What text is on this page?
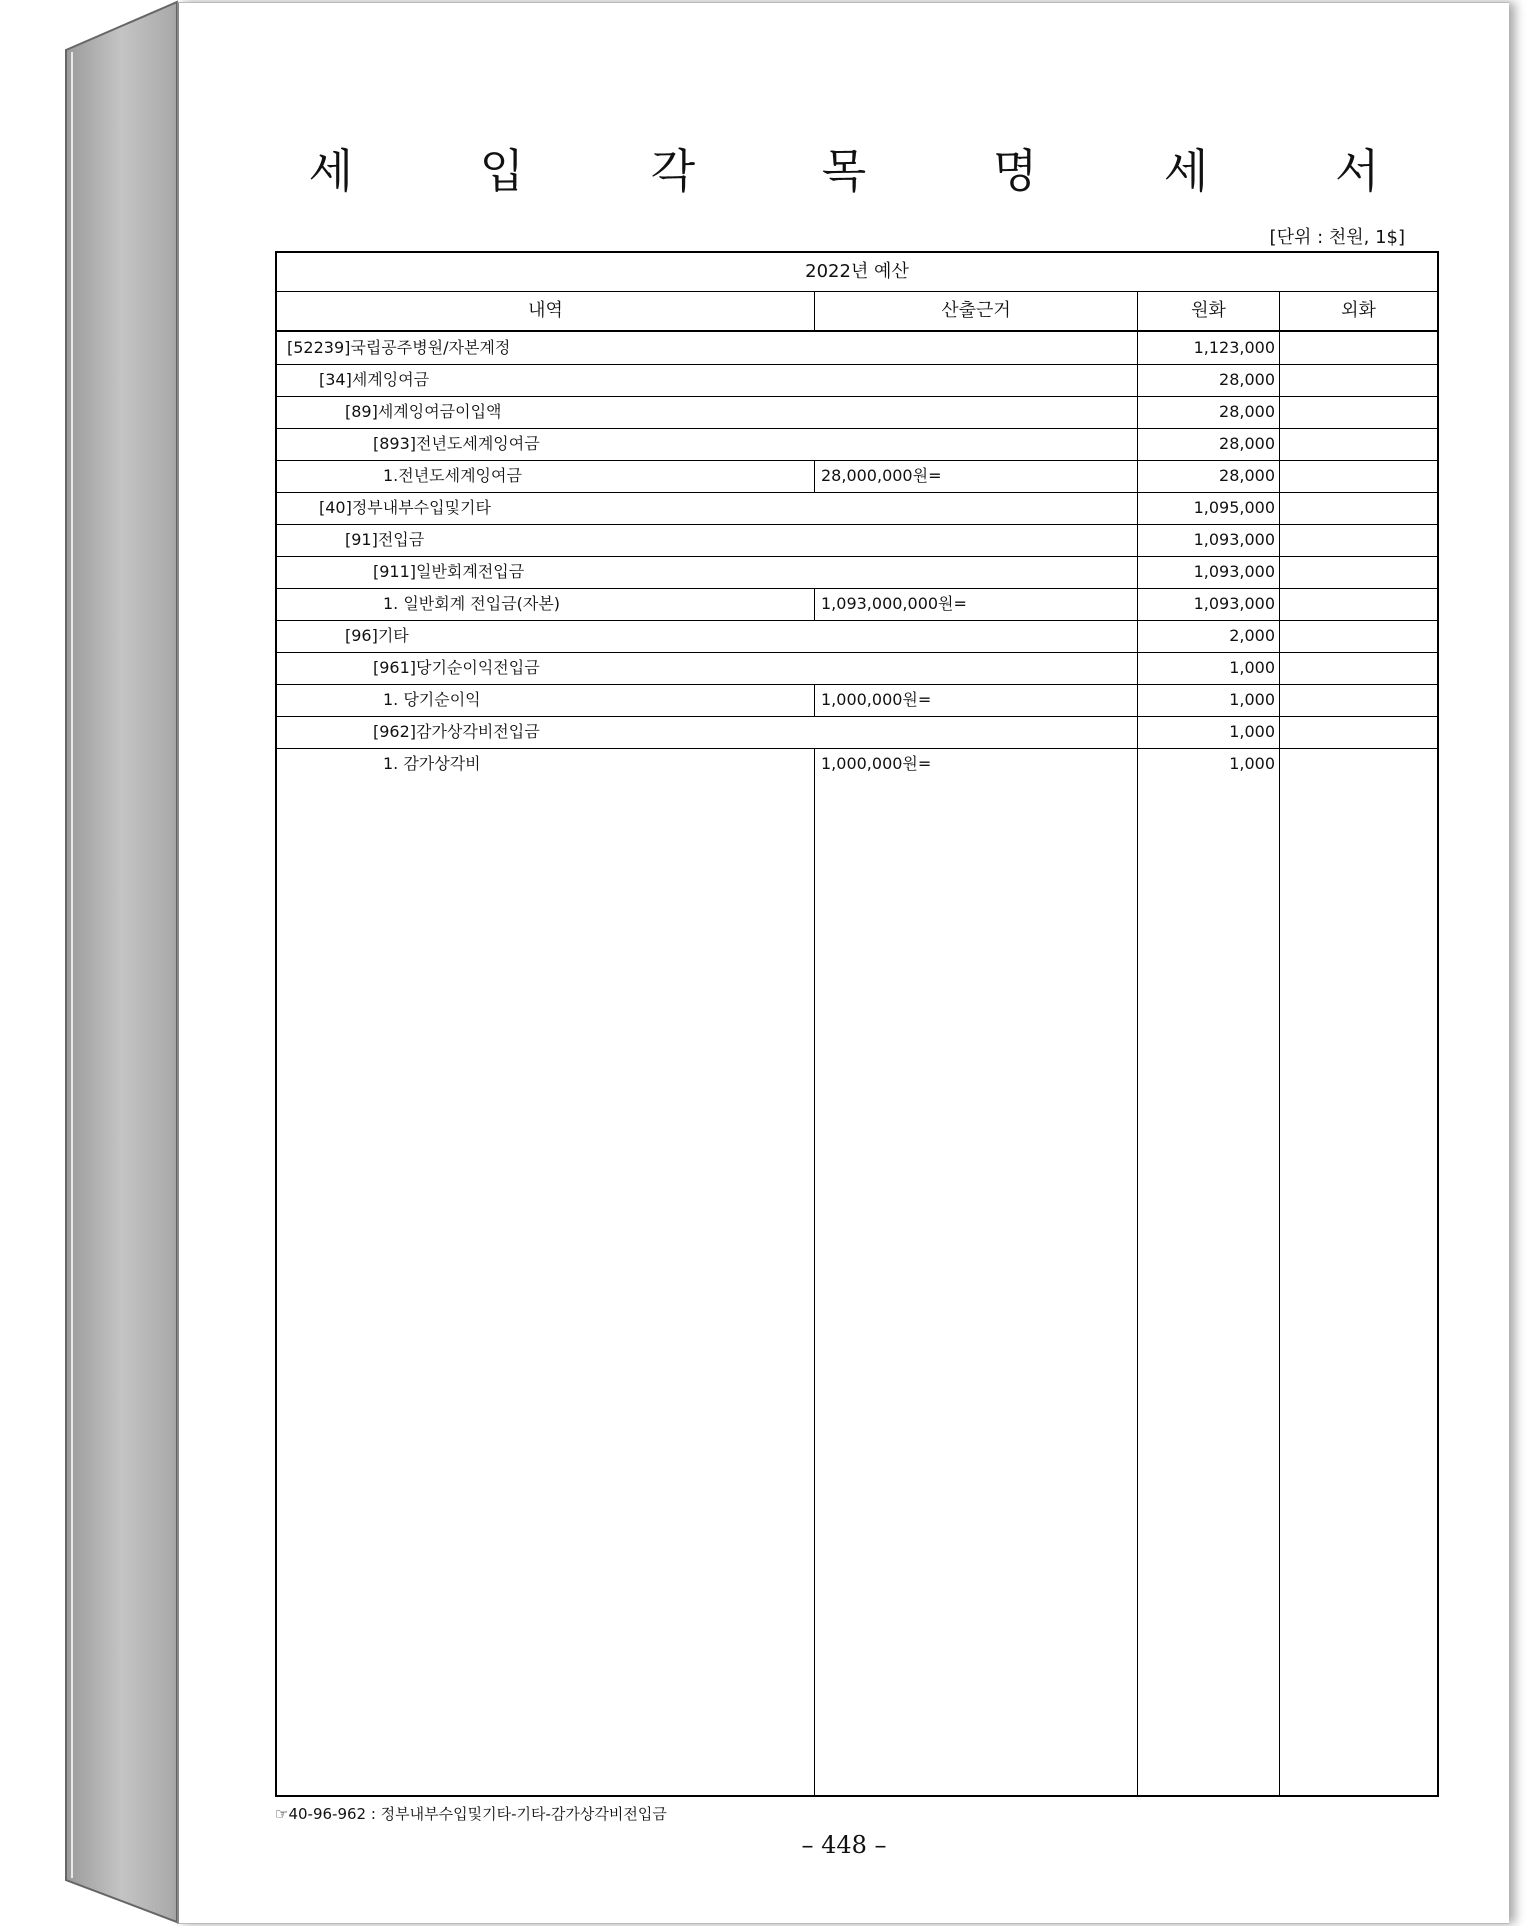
세 입 각 목 명 세 서
[단위 : 천원, 1$]
2022년 예산
내역	산출근거	원화	외화
[52239]국립공주병원/자본계정	1,123,000
[34]세계잉여금	28,000
[89]세계잉여금이입액	28,000
[893]전년도세계잉여금	28,000
1.전년도세계잉여금	28,000,000원=	28,000
[40]정부내부수입및기타	1,095,000
[91]전입금	1,093,000
[911]일반회계전입금	1,093,000
1. 일반회계 전입금(자본)	1,093,000,000원=	1,093,000
[96]기타	2,000
[961]당기순이익전입금	1,000
1. 당기순이익	1,000,000원=	1,000
[962]감가상각비전입금	1,000
1. 감가상각비	1,000,000원=	1,000
☞40-96-962 : 정부내부수입및기타-기타-감가상각비전입금
– 448 –
